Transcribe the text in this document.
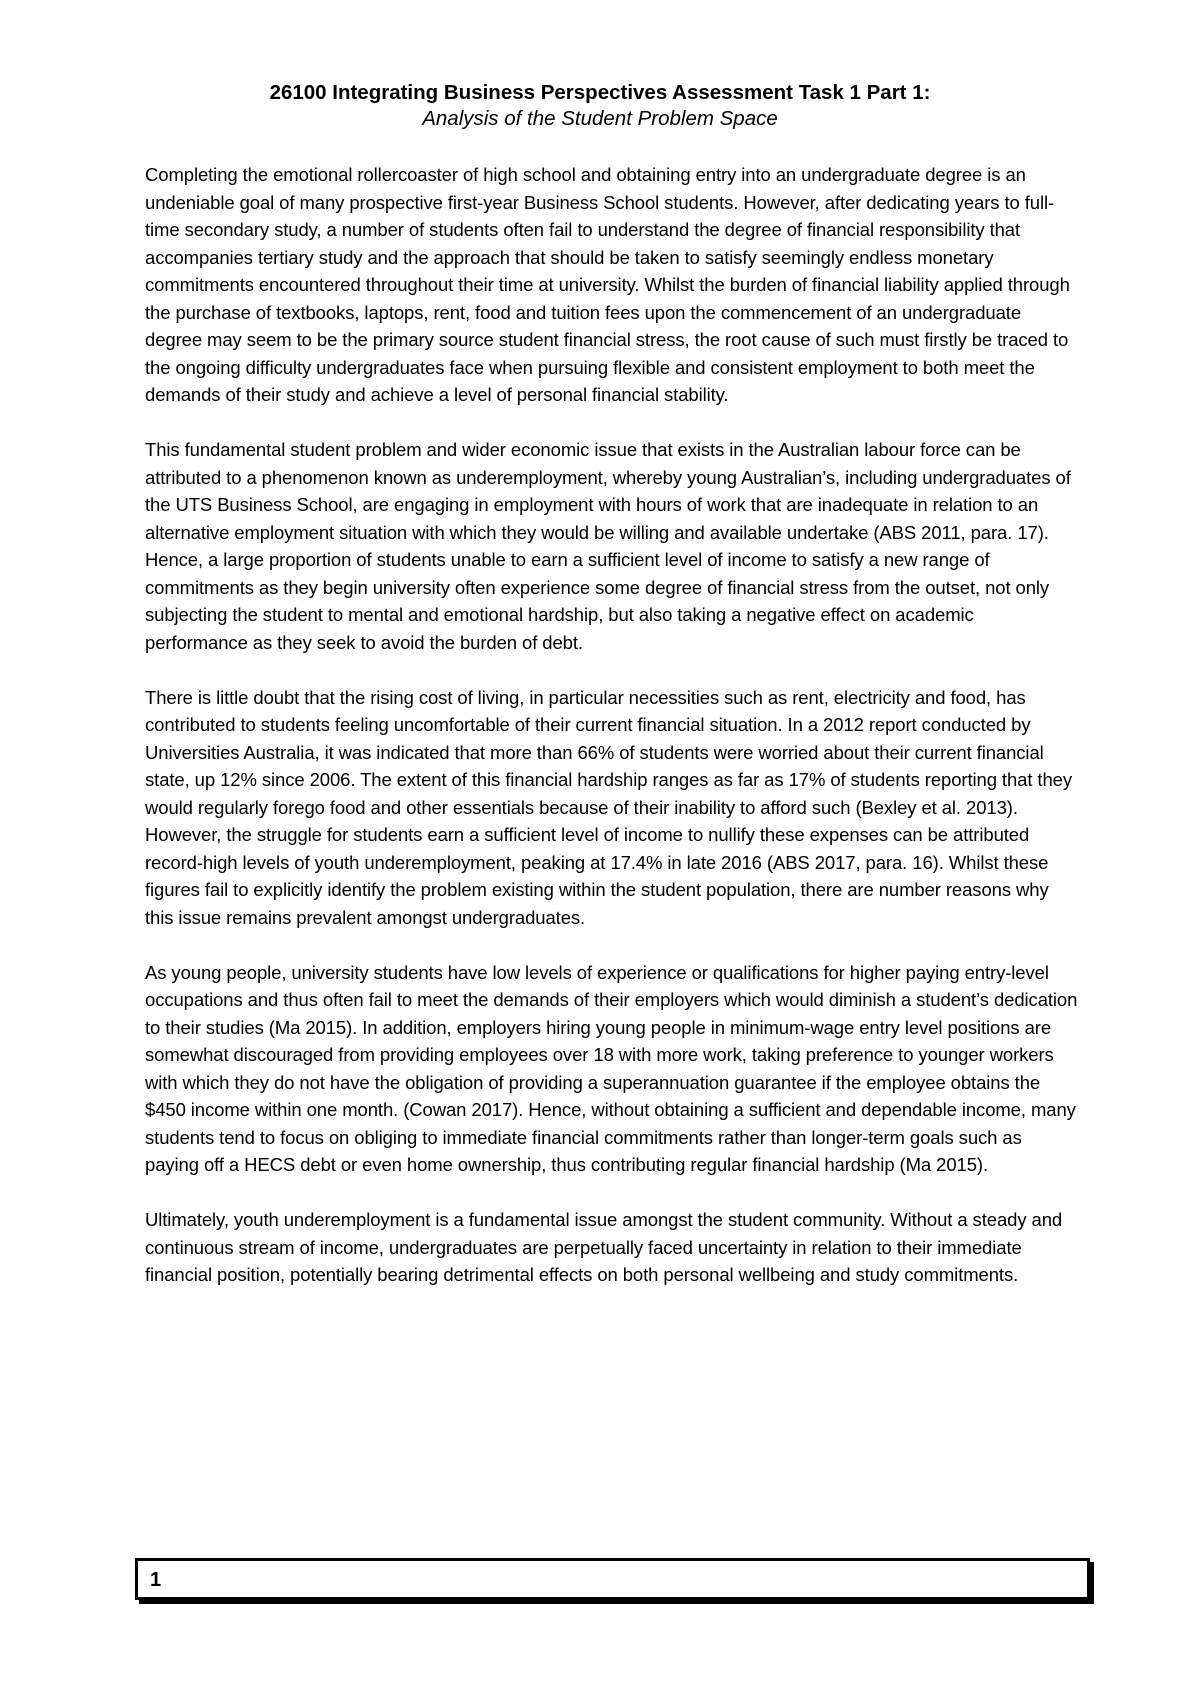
26100 Integrating Business Perspectives Assessment Task 1 Part 1:

Analysis of the Student Problem Space

Completing the emotional rollercoaster of high school and obtaining entry into an undergraduate degree is an undeniable goal of many prospective first-year Business School students. However, after dedicating years to full-time secondary study, a number of students often fail to understand the degree of financial responsibility that accompanies tertiary study and the approach that should be taken to satisfy seemingly endless monetary commitments encountered throughout their time at university. Whilst the burden of financial liability applied through the purchase of textbooks, laptops, rent, food and tuition fees upon the commencement of an undergraduate degree may seem to be the primary source student financial stress, the root cause of such must firstly be traced to the ongoing difficulty undergraduates face when pursuing flexible and consistent employment to both meet the demands of their study and achieve a level of personal financial stability.

This fundamental student problem and wider economic issue that exists in the Australian labour force can be attributed to a phenomenon known as underemployment, whereby young Australian’s, including undergraduates of the UTS Business School, are engaging in employment with hours of work that are inadequate in relation to an alternative employment situation with which they would be willing and available undertake (ABS 2011, para. 17). Hence, a large proportion of students unable to earn a sufficient level of income to satisfy a new range of commitments as they begin university often experience some degree of financial stress from the outset, not only subjecting the student to mental and emotional hardship, but also taking a negative effect on academic performance as they seek to avoid the burden of debt.

There is little doubt that the rising cost of living, in particular necessities such as rent, electricity and food, has contributed to students feeling uncomfortable of their current financial situation. In a 2012 report conducted by Universities Australia, it was indicated that more than 66% of students were worried about their current financial state, up 12% since 2006. The extent of this financial hardship ranges as far as 17% of students reporting that they would regularly forego food and other essentials because of their inability to afford such (Bexley et al. 2013). However, the struggle for students earn a sufficient level of income to nullify these expenses can be attributed record-high levels of youth underemployment, peaking at 17.4% in late 2016 (ABS 2017, para. 16). Whilst these figures fail to explicitly identify the problem existing within the student population, there are number reasons why this issue remains prevalent amongst undergraduates.

As young people, university students have low levels of experience or qualifications for higher paying entry-level occupations and thus often fail to meet the demands of their employers which would diminish a student’s dedication to their studies (Ma 2015). In addition, employers hiring young people in minimum-wage entry level positions are somewhat discouraged from providing employees over 18 with more work, taking preference to younger workers with which they do not have the obligation of providing a superannuation guarantee if the employee obtains the $450 income within one month. (Cowan 2017). Hence, without obtaining a sufficient and dependable income, many students tend to focus on obliging to immediate financial commitments rather than longer-term goals such as paying off a HECS debt or even home ownership, thus contributing regular financial hardship (Ma 2015).

Ultimately, youth underemployment is a fundamental issue amongst the student community. Without a steady and continuous stream of income, undergraduates are perpetually faced uncertainty in relation to their immediate financial position, potentially bearing detrimental effects on both personal wellbeing and study commitments.

1
